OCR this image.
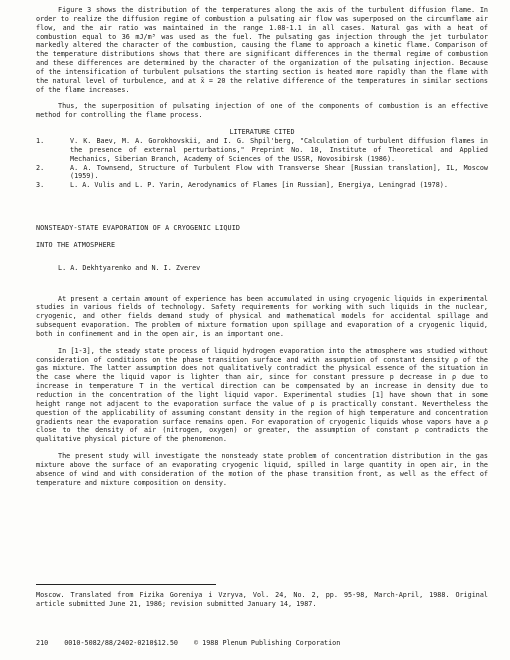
Figure 3 shows the distribution of the temperatures along the axis of the turbulent diffusion flame. In order to realize the diffusion regime of combustion a pulsating air flow was superposed on the circumflame air flow, and the air ratio was maintained in the range 1.08-1.1 in all cases. Natural gas with a heat of combustion equal to 36 mJ/m³ was used as the fuel. The pulsating gas injection through the jet turbulator markedly altered the character of the combustion, causing the flame to approach a kinetic flame. Comparison of the temperature distributions shows that there are significant differences in the thermal regime of combustion and these differences are determined by the character of the organization of the pulsating injection. Because of the intensification of turbulent pulsations the starting section is heated more rapidly than the flame with the natural level of turbulence, and at x̄ = 20 the relative difference of the temperatures in similar sections of the flame increases.

Thus, the superposition of pulsating injection of one of the components of combustion is an effective method for controlling the flame process.

LITERATURE CITED

1.	V. K. Baev, M. A. Gorokhovskii, and I. G. Shpil'berg, "Calculation of turbulent diffusion flames in the presence of external perturbations," Preprint No. 10, Institute of Theoretical and Applied Mechanics, Siberian Branch, Academy of Sciences of the USSR, Novosibirsk (1986).
2.	A. A. Townsend, Structure of Turbulent Flow with Transverse Shear [Russian translation], IL, Moscow (1959).
3.	L. A. Vulis and L. P. Yarin, Aerodynamics of Flames [in Russian], Energiya, Leningrad (1978).
NONSTEADY-STATE EVAPORATION OF A CRYOGENIC LIQUID
INTO THE ATMOSPHERE

L. A. Dekhtyarenko and N. I. Zverev

At present a certain amount of experience has been accumulated in using cryogenic liquids in experimental studies in various fields of technology. Safety requirements for working with such liquids in the nuclear, cryogenic, and other fields demand study of physical and mathematical models for accidental spillage and subsequent evaporation. The problem of mixture formation upon spillage and evaporation of a cryogenic liquid, both in confinement and in the open air, is an important one.

In [1-3], the steady state process of liquid hydrogen evaporation into the atmosphere was studied without consideration of conditions on the phase transition surface and with assumption of constant density ρ of the gas mixture. The latter assumption does not qualitatively contradict the physical essence of the situation in the case where the liquid vapor is lighter than air, since for constant pressure p decrease in ρ due to increase in temperature T in the vertical direction can be compensated by an increase in density due to reduction in the concentration of the light liquid vapor. Experimental studies [1] have shown that in some height range not adjacent to the evaporation surface the value of ρ is practically constant. Nevertheless the question of the applicability of assuming constant density in the region of high temperature and concentration gradients near the evaporation surface remains open. For evaporation of cryogenic liquids whose vapors have a ρ close to the density of air (nitrogen, oxygen) or greater, the assumption of constant ρ contradicts the qualitative physical picture of the phenomenon.

The present study will investigate the nonsteady state problem of concentration distribution in the gas mixture above the surface of an evaporating cryogenic liquid, spilled in large quantity in open air, in the absence of wind and with consideration of the motion of the phase transition front, as well as the effect of temperature and mixture composition on density.

Moscow. Translated from Fizika Goreniya i Vzryva, Vol. 24, No. 2, pp. 95-98, March-April, 1988. Original article submitted June 21, 1986; revision submitted January 14, 1987.

210 0010-5082/88/2402-0210$12.50 © 1988 Plenum Publishing Corporation
